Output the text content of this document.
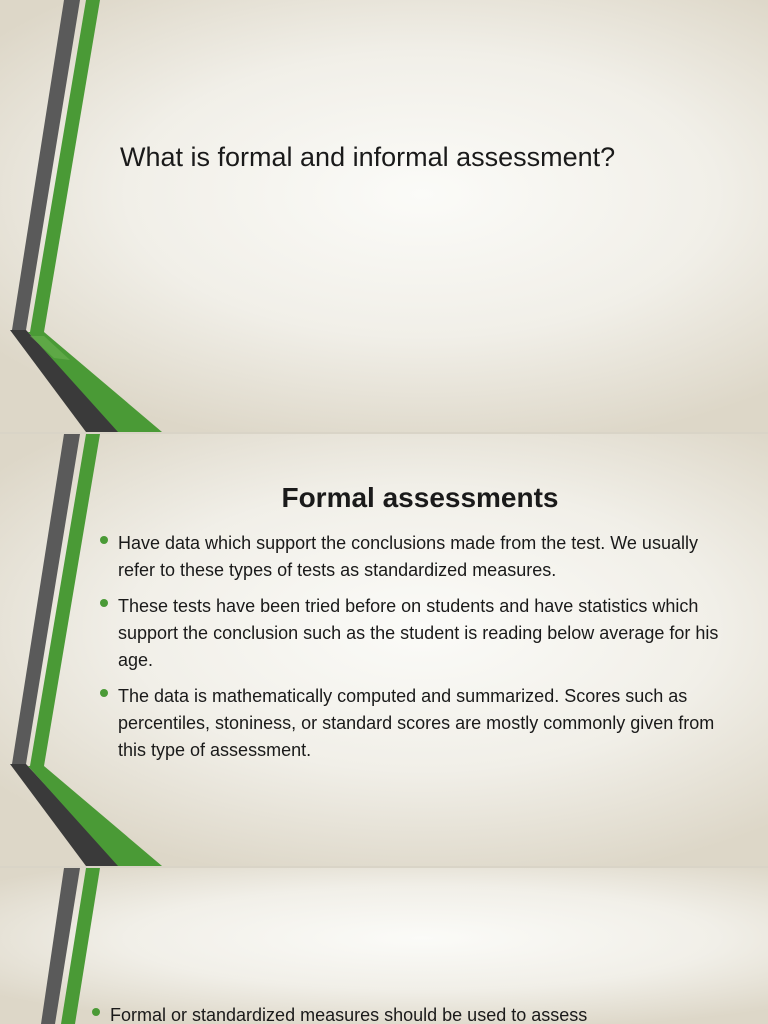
What is formal and informal assessment?
Formal assessments
Have data which support the conclusions made from the test. We usually refer to these types of tests as standardized measures.
These tests have been tried before on students and have statistics which support the conclusion such as the student is reading below average for his age.
The data is mathematically computed and summarized. Scores such as percentiles, stoniness, or standard scores are mostly commonly given from this type of assessment.
Formal or standardized measures should be used to assess
